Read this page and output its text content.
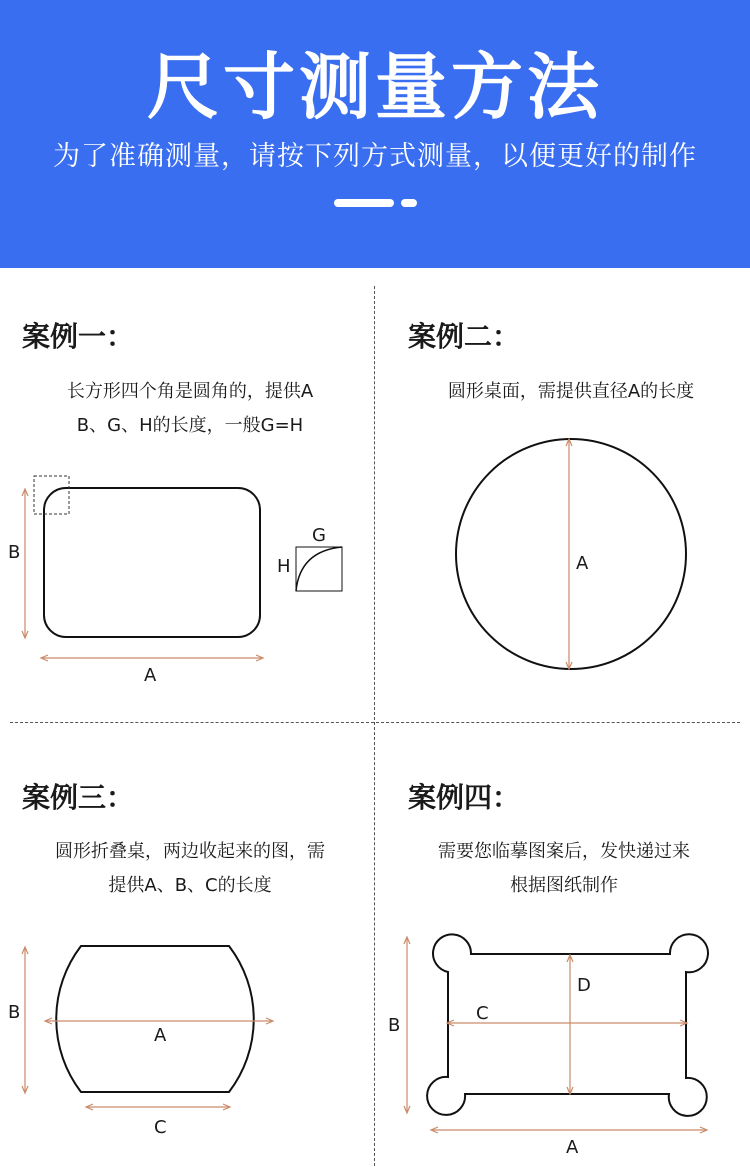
尺寸测量方法
为了准确测量，请按下列方式测量，以便更好的制作
案例一：
长方形四个角是圆角的，提供A
B、G、H的长度，一般G=H
B
A
G
H
案例二：
圆形桌面，需提供直径A的长度
A
案例三：
圆形折叠桌，两边收起来的图，需
提供A、B、C的长度
B
A
C
案例四：
需要您临摹图案后，发快递过来
根据图纸制作
B
C
D
A
